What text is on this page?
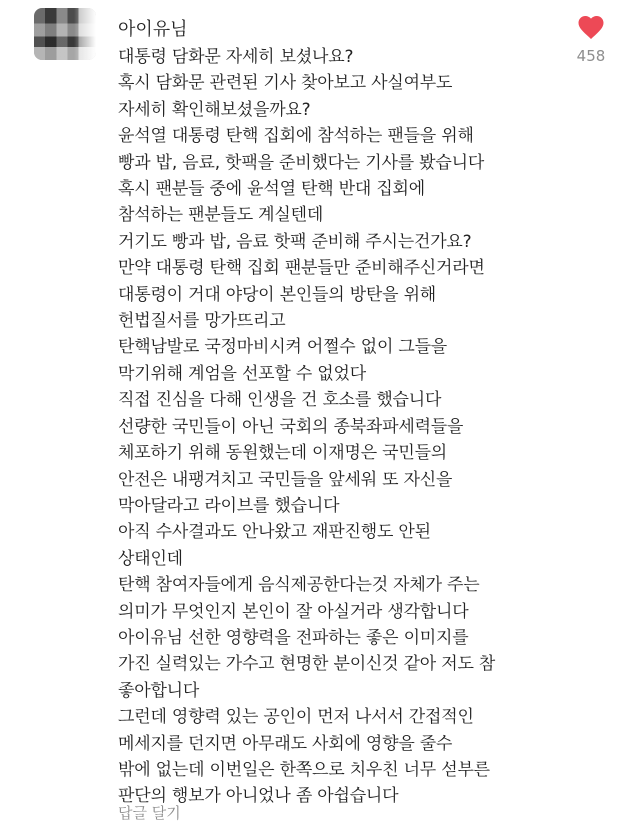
아이유님
대통령 담화문 자세히 보셨나요?
혹시 담화문 관련된 기사 찾아보고 사실여부도
자세히 확인해보셨을까요?
윤석열 대통령 탄핵 집회에 참석하는 팬들을 위해
빵과 밥, 음료, 핫팩을 준비했다는 기사를 봤습니다
혹시 팬분들 중에 윤석열 탄핵 반대 집회에
참석하는 팬분들도 계실텐데
거기도 빵과 밥, 음료 핫팩 준비해 주시는건가요?
만약 대통령 탄핵 집회 팬분들만 준비해주신거라면
대통령이 거대 야당이 본인들의 방탄을 위해
헌법질서를 망가뜨리고
탄핵남발로 국정마비시켜 어쩔수 없이 그들을
막기위해 계엄을 선포할 수 없었다
직접 진심을 다해 인생을 건 호소를 했습니다
선량한 국민들이 아닌 국회의 종북좌파세력들을
체포하기 위해 동원했는데 이재명은 국민들의
안전은 내팽겨치고 국민들을 앞세워 또 자신을
막아달라고 라이브를 했습니다
아직 수사결과도 안나왔고 재판진행도 안된
상태인데
탄핵 참여자들에게 음식제공한다는것 자체가 주는
의미가 무엇인지 본인이 잘 아실거라 생각합니다
아이유님 선한 영향력을 전파하는 좋은 이미지를
가진 실력있는 가수고 현명한 분이신것 같아 저도 참
좋아합니다
그런데 영향력 있는 공인이 먼저 나서서 간접적인
메세지를 던지면 아무래도 사회에 영향을 줄수
밖에 없는데 이번일은 한쪽으로 치우친 너무 섣부른
판단의 행보가 아니었나 좀 아쉽습니다
답글 달기
458
